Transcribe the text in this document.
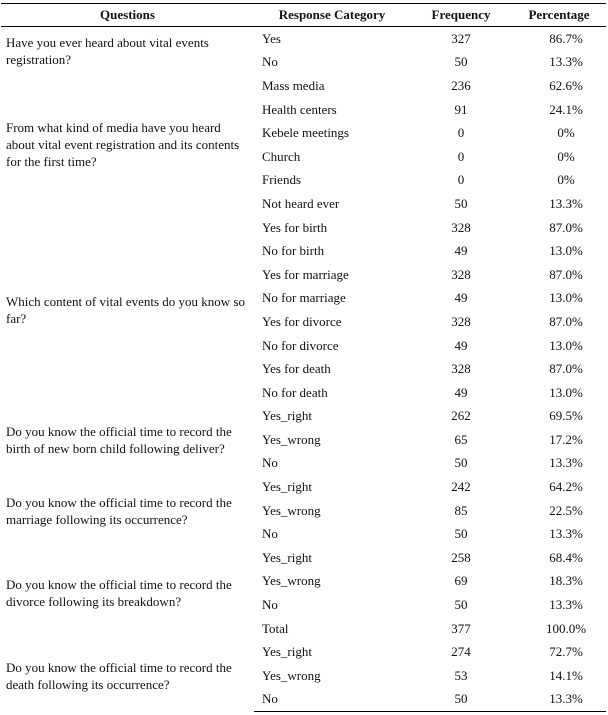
Questions	Response Category	Frequency	Percentage
Have you ever heard about vital events registration?	Yes	327	86.7%
	No	50	13.3%
From what kind of media have you heard about vital event registration and its contents for the first time?	Mass media	236	62.6%
	Health centers	91	24.1%
	Kebele meetings	0	0%
	Church	0	0%
	Friends	0	0%
	Not heard ever	50	13.3%
Which content of vital events do you know so far?	Yes for birth	328	87.0%
	No for birth	49	13.0%
	Yes for marriage	328	87.0%
	No for marriage	49	13.0%
	Yes for divorce	328	87.0%
	No for divorce	49	13.0%
	Yes for death	328	87.0%
	No for death	49	13.0%
Do you know the official time to record the birth of new born child following deliver?	Yes_right	262	69.5%
	Yes_wrong	65	17.2%
	No	50	13.3%
Do you know the official time to record the marriage following its occurrence?	Yes_right	242	64.2%
	Yes_wrong	85	22.5%
	No	50	13.3%
Do you know the official time to record the divorce following its breakdown?	Yes_right	258	68.4%
	Yes_wrong	69	18.3%
	No	50	13.3%
	Total	377	100.0%
Do you know the official time to record the death following its occurrence?	Yes_right	274	72.7%
	Yes_wrong	53	14.1%
	No	50	13.3%
